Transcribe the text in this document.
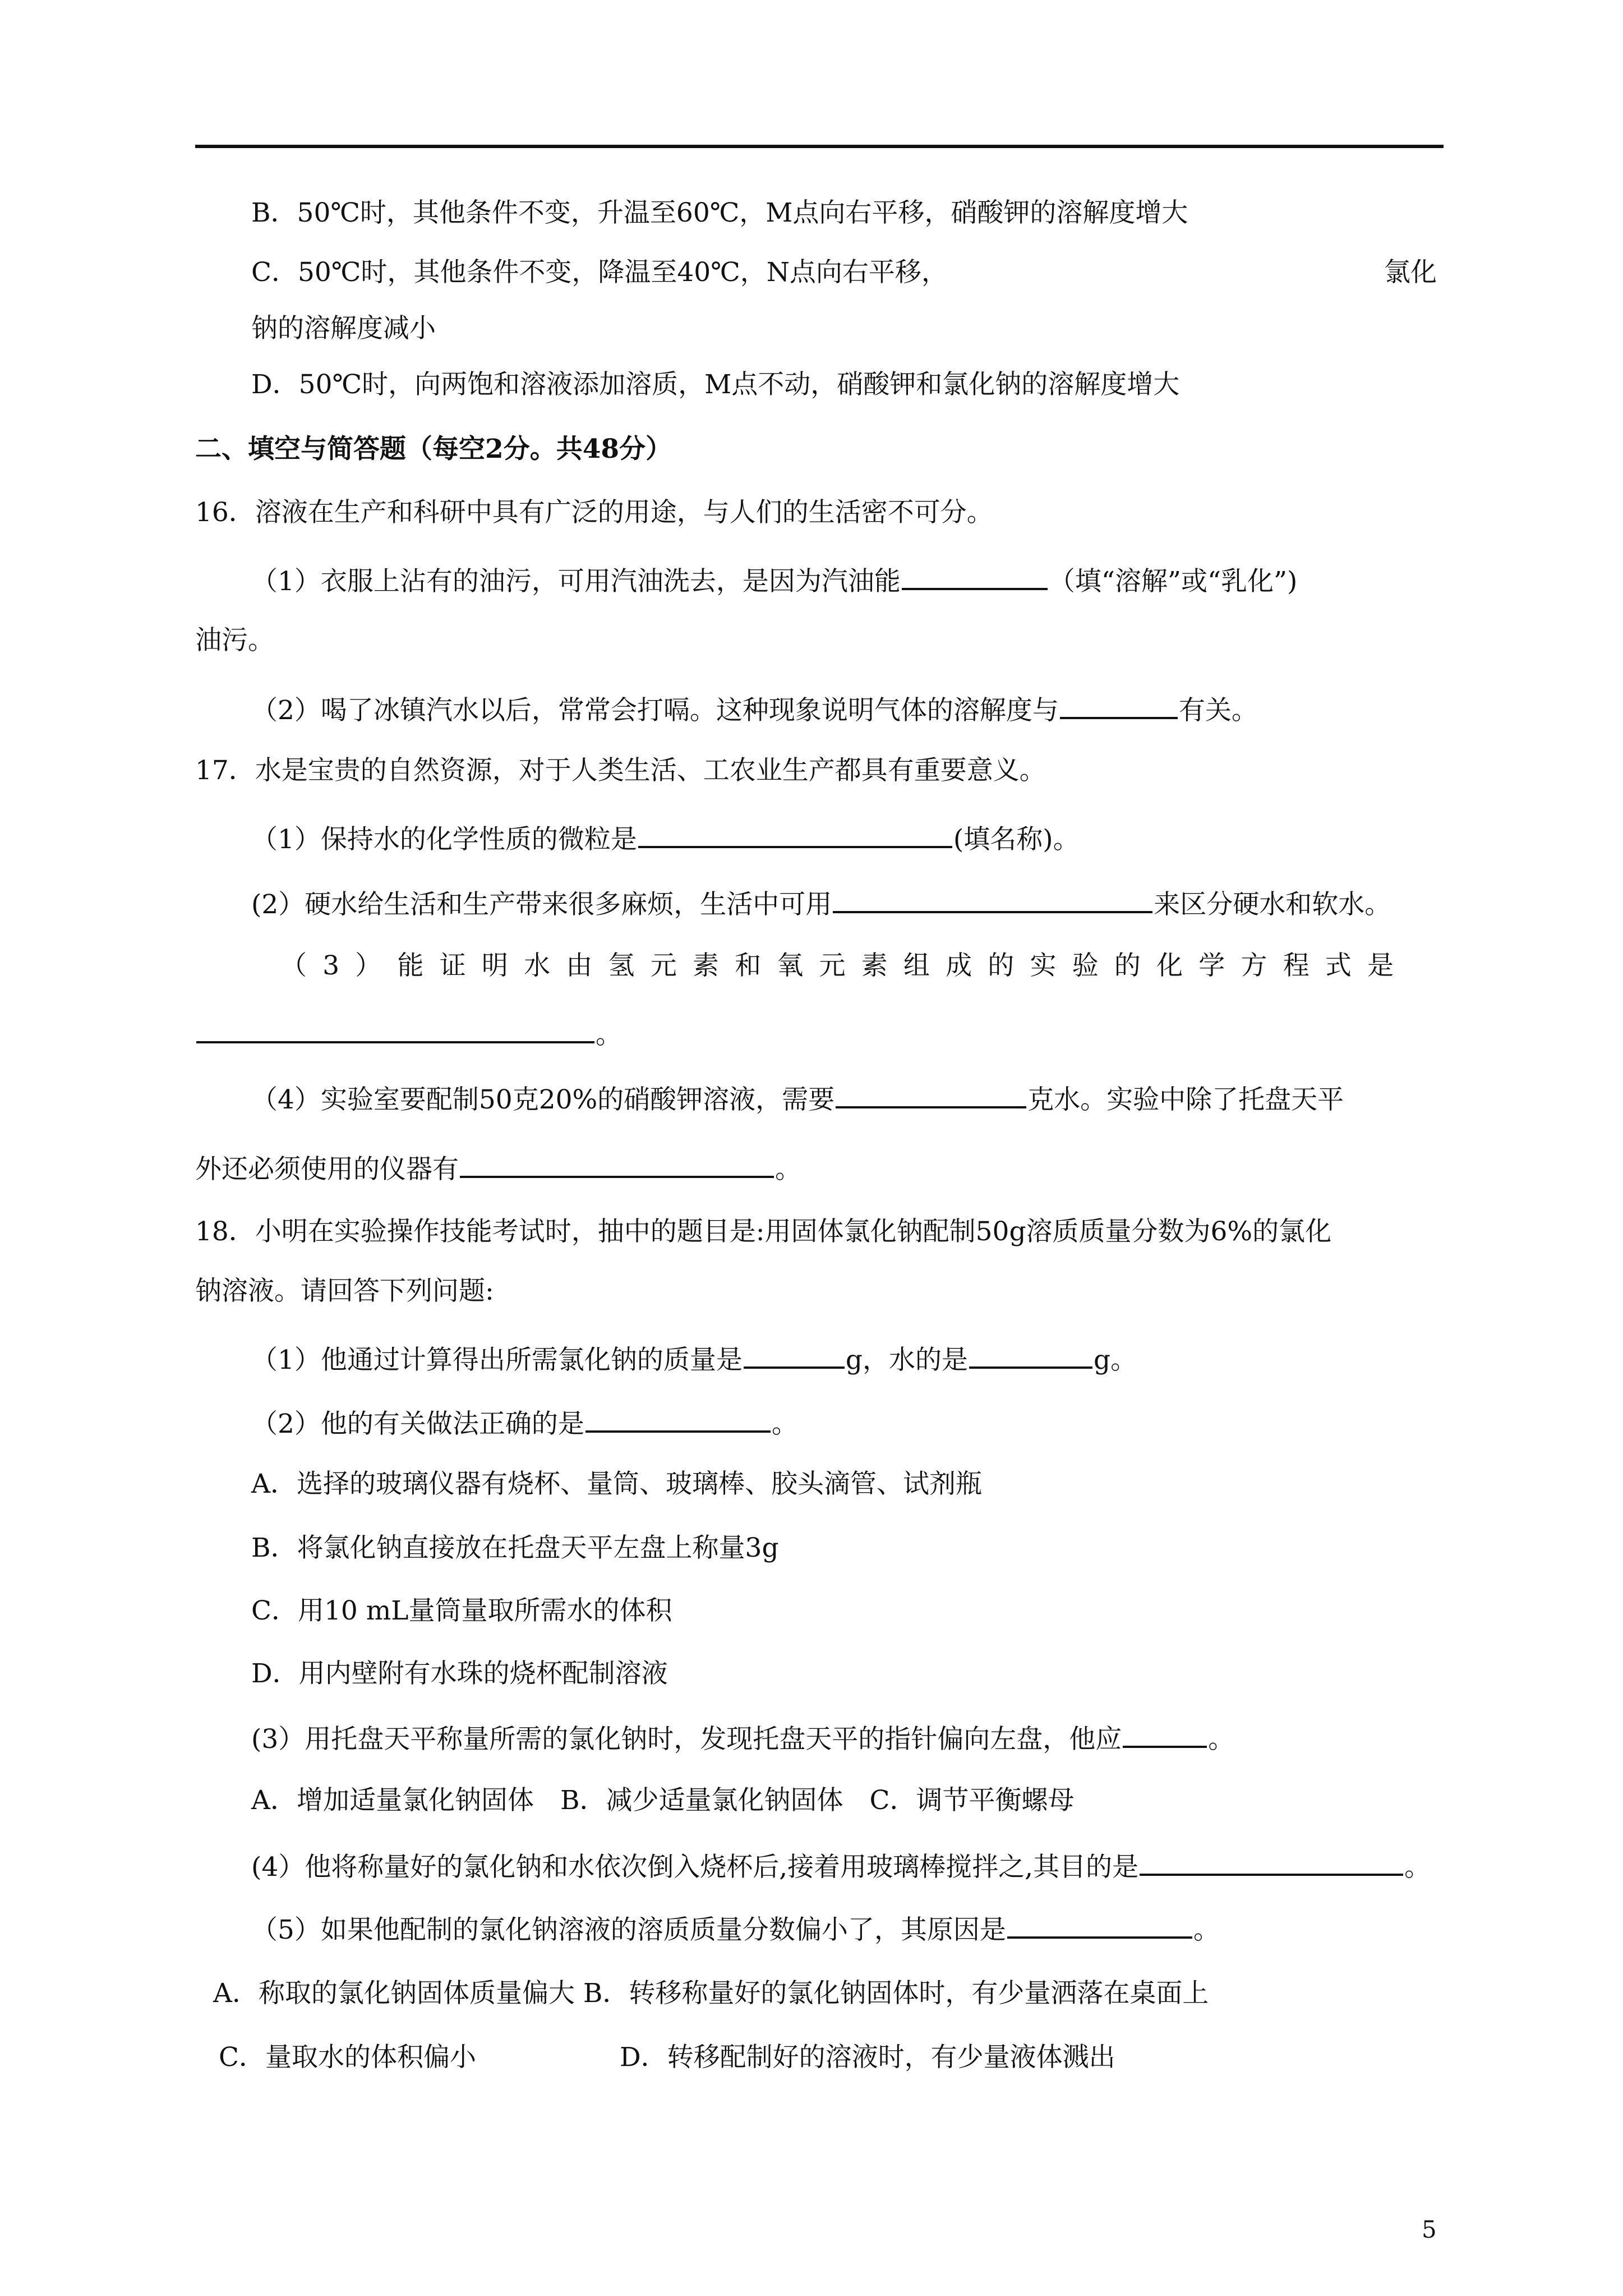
B．50℃时，其他条件不变，升温至60℃，M点向右平移，硝酸钾的溶解度增大
C．50℃时，其他条件不变，降温至40℃，N点向右平移，	氯化
钠的溶解度减小
D．50℃时，向两饱和溶液添加溶质，M点不动，硝酸钾和氯化钠的溶解度增大
二、填空与简答题（每空2分。共48分）
16．溶液在生产和科研中具有广泛的用途，与人们的生活密不可分。
（1）衣服上沾有的油污，可用汽油洗去，是因为汽油能	（填“溶解”或“乳化”)
油污。
（2）喝了冰镇汽水以后，常常会打嗝。这种现象说明气体的溶解度与	有关。
17．水是宝贵的自然资源，对于人类生活、工农业生产都具有重要意义。
（1）保持水的化学性质的微粒是	(填名称)。
(2）硬水给生活和生产带来很多麻烦，生活中可用	来区分硬水和软水。
（3）能证明水由氢元素和氧元素组成的实验的化学方程式是
。
（4）实验室要配制50克20%的硝酸钾溶液，需要	克水。实验中除了托盘天平
外还必须使用的仪器有	。
18．小明在实验操作技能考试时，抽中的题目是:用固体氯化钠配制50g溶质质量分数为6%的氯化
钠溶液。请回答下列问题:
（1）他通过计算得出所需氯化钠的质量是	g，水的是	g。
（2）他的有关做法正确的是	。
A．选择的玻璃仪器有烧杯、量筒、玻璃棒、胶头滴管、试剂瓶
B．将氯化钠直接放在托盘天平左盘上称量3g
C．用10 mL量筒量取所需水的体积
D．用内壁附有水珠的烧杯配制溶液
(3）用托盘天平称量所需的氯化钠时，发现托盘天平的指针偏向左盘，他应	。
A．增加适量氯化钠固体　B．减少适量氯化钠固体　C．调节平衡螺母
(4）他将称量好的氯化钠和水依次倒入烧杯后,接着用玻璃棒搅拌之,其目的是	。
（5）如果他配制的氯化钠溶液的溶质质量分数偏小了，其原因是	。
A．称取的氯化钠固体质量偏大 B．转移称量好的氯化钠固体时，有少量洒落在桌面上
C．量取水的体积偏小	D．转移配制好的溶液时，有少量液体溅出
5
